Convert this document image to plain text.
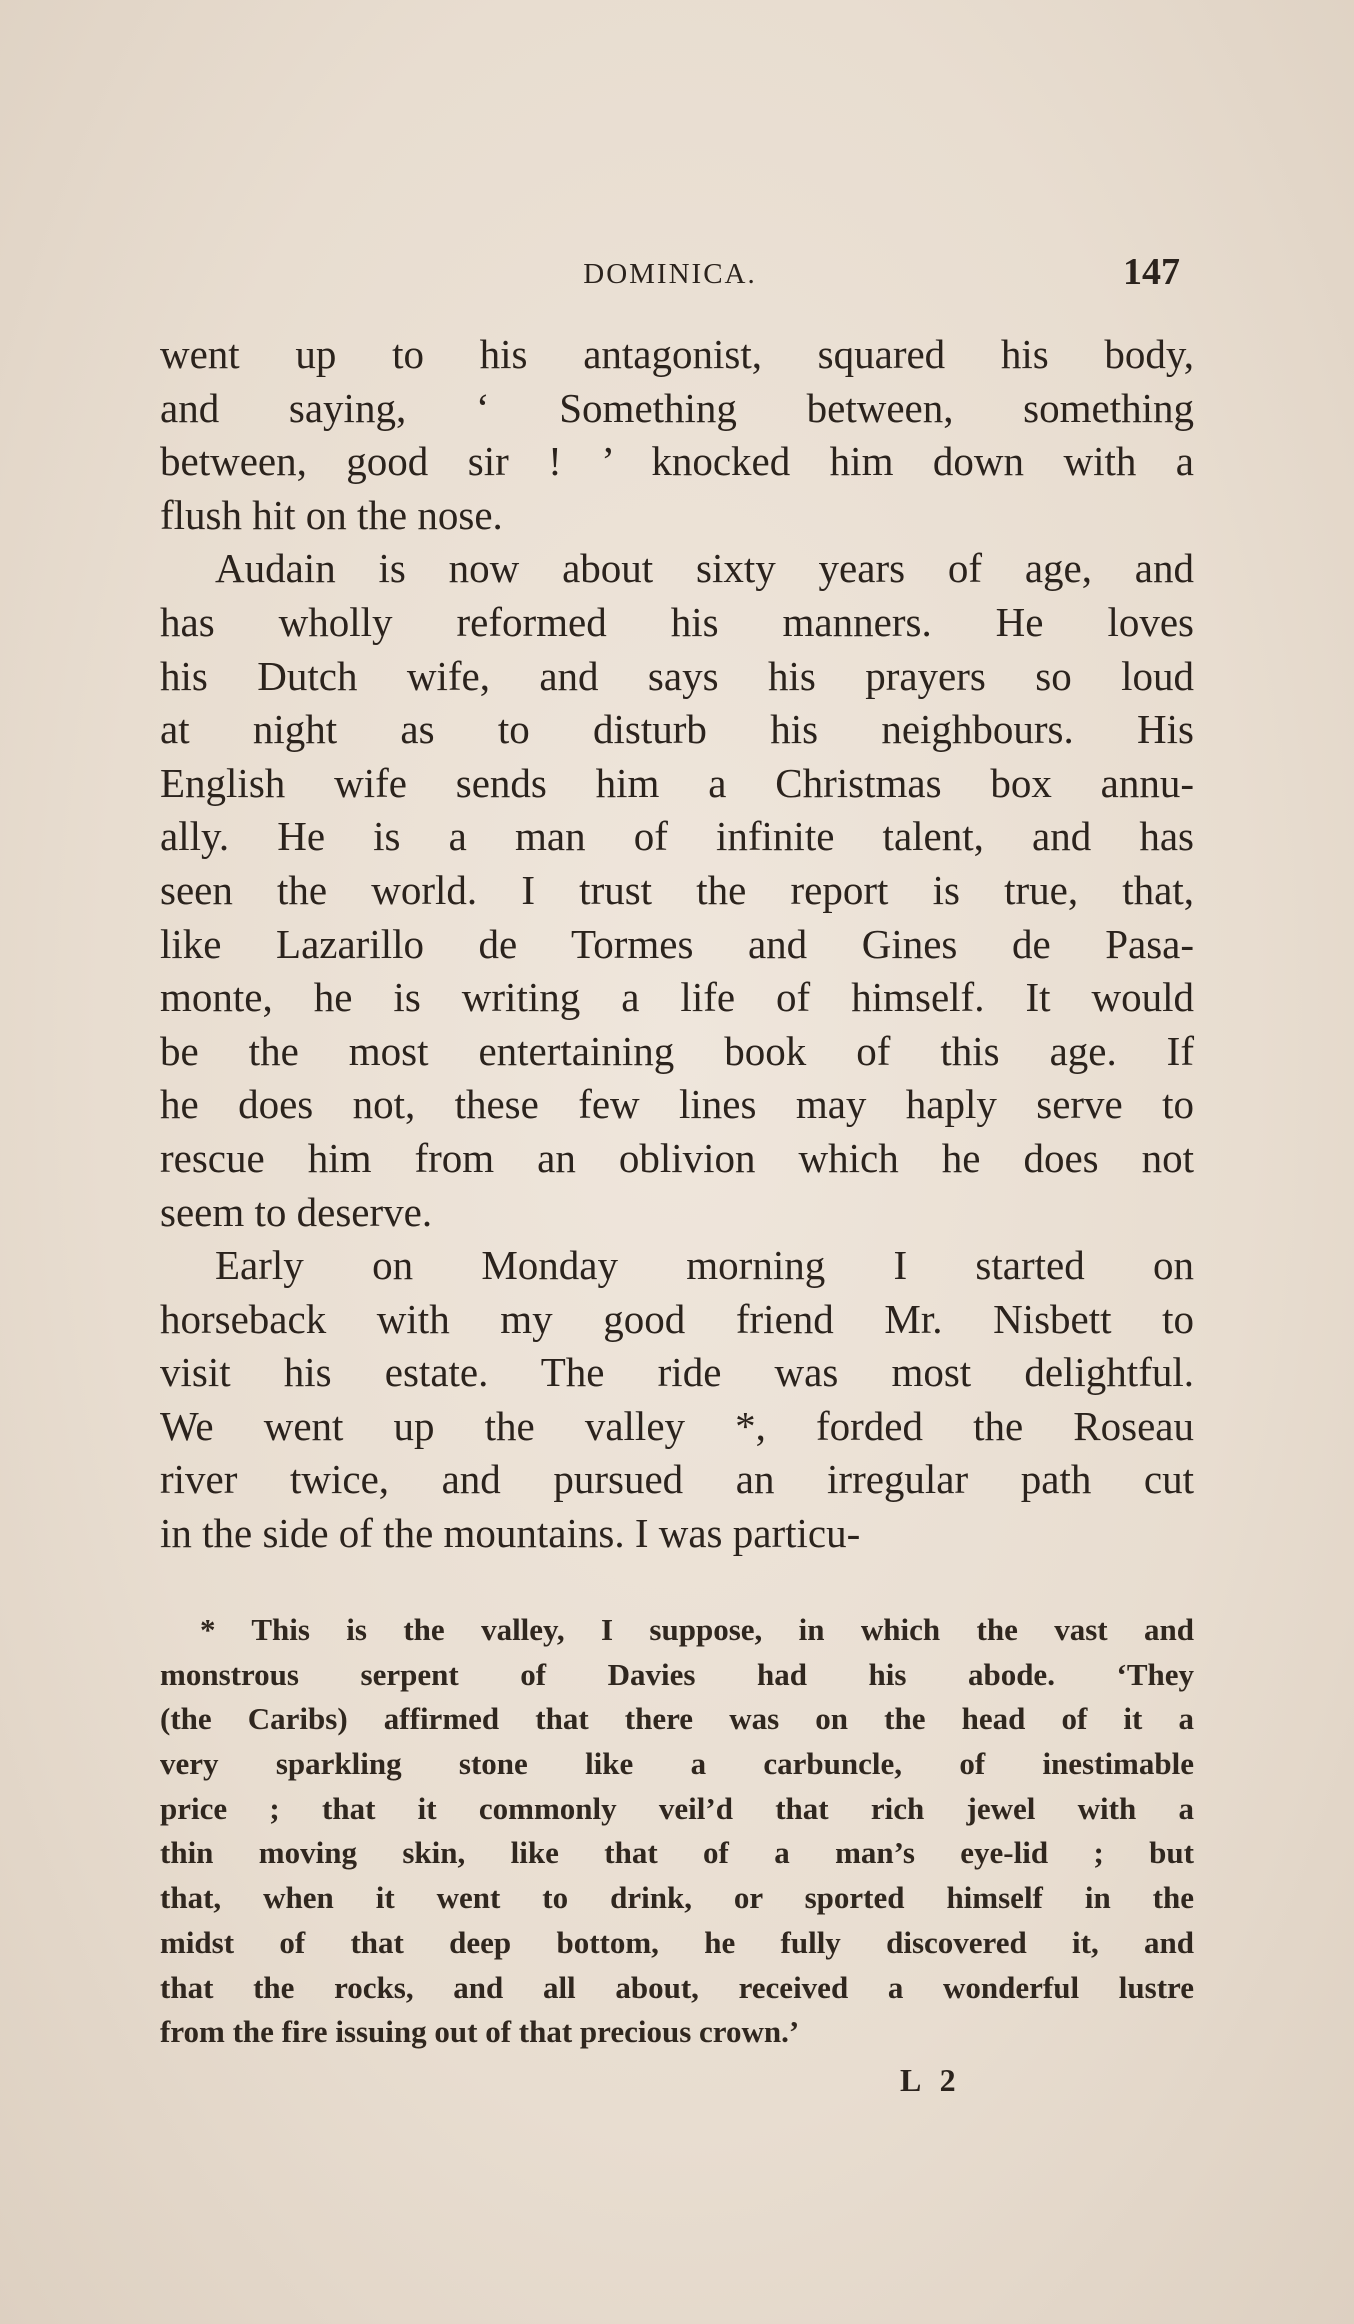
DOMINICA.	147
went up to his antagonist, squared his body,
and saying, ‘ Something between, something
between, good sir ! ’ knocked him down with a
flush hit on the nose.
Audain is now about sixty years of age, and
has wholly reformed his manners. He loves
his Dutch wife, and says his prayers so loud
at night as to disturb his neighbours. His
English wife sends him a Christmas box annu-
ally. He is a man of infinite talent, and has
seen the world. I trust the report is true, that,
like Lazarillo de Tormes and Gines de Pasa-
monte, he is writing a life of himself. It would
be the most entertaining book of this age. If
he does not, these few lines may haply serve to
rescue him from an oblivion which he does not
seem to deserve.
Early on Monday morning I started on
horseback with my good friend Mr. Nisbett to
visit his estate. The ride was most delightful.
We went up the valley *, forded the Roseau
river twice, and pursued an irregular path cut
in the side of the mountains. I was particu-
* This is the valley, I suppose, in which the vast and
monstrous serpent of Davies had his abode. ‘They
(the Caribs) affirmed that there was on the head of it a
very sparkling stone like a carbuncle, of inestimable
price ; that it commonly veil’d that rich jewel with a
thin moving skin, like that of a man’s eye-lid ; but
that, when it went to drink, or sported himself in the
midst of that deep bottom, he fully discovered it, and
that the rocks, and all about, received a wonderful lustre
from the fire issuing out of that precious crown.’
L 2
